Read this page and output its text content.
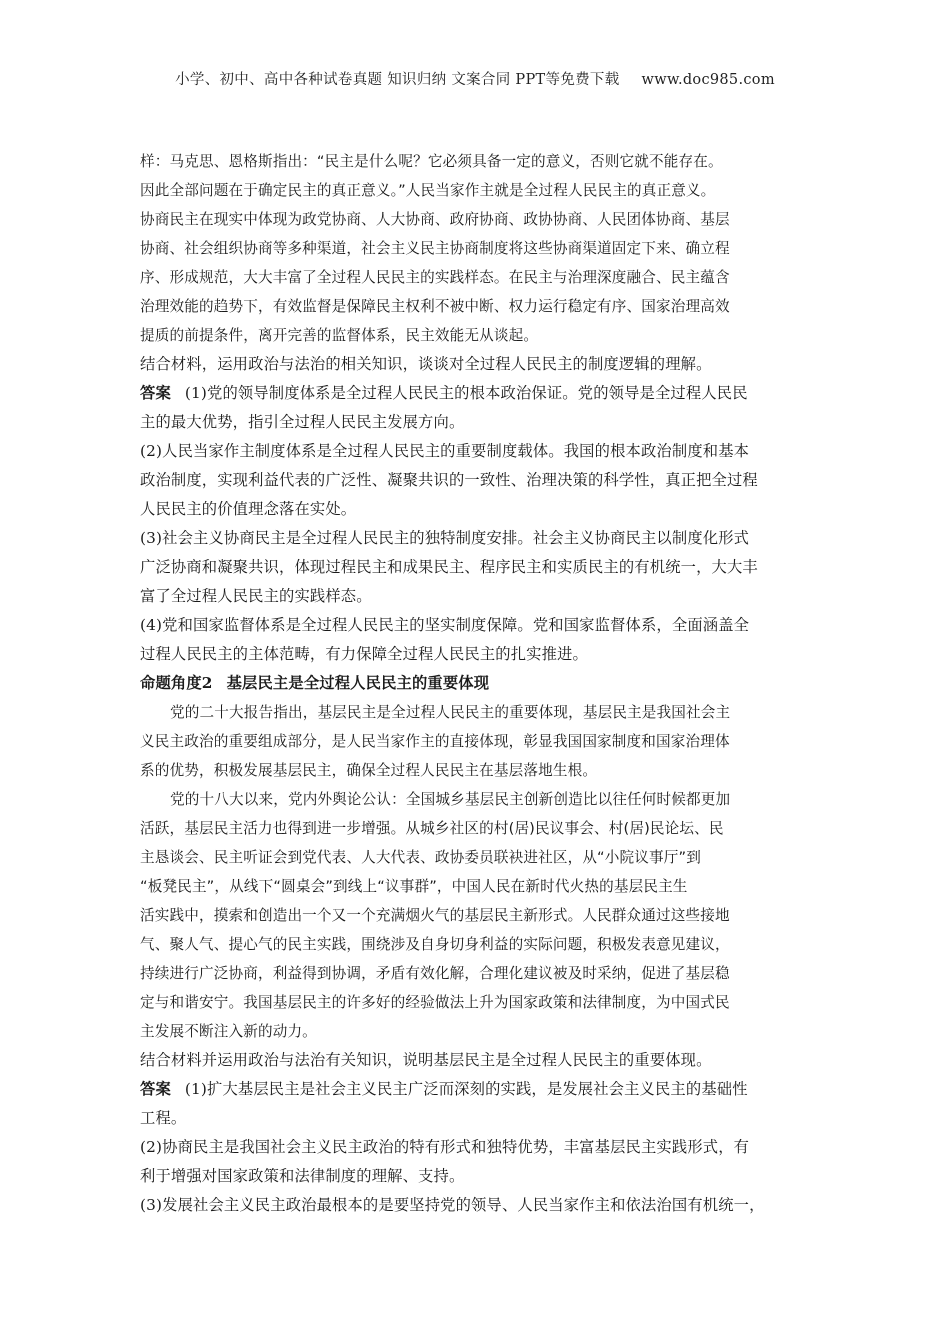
小学、初中、高中各种试卷真题 知识归纳 文案合同 PPT等免费下载 www.doc985.com
样：马克思、恩格斯指出：“民主是什么呢？它必须具备一定的意义，否则它就不能存在。
因此全部问题在于确定民主的真正意义。”人民当家作主就是全过程人民民主的真正意义。
协商民主在现实中体现为政党协商、人大协商、政府协商、政协协商、人民团体协商、基层
协商、社会组织协商等多种渠道，社会主义民主协商制度将这些协商渠道固定下来、确立程
序、形成规范，大大丰富了全过程人民民主的实践样态。在民主与治理深度融合、民主蕴含
治理效能的趋势下，有效监督是保障民主权利不被中断、权力运行稳定有序、国家治理高效
提质的前提条件，离开完善的监督体系，民主效能无从谈起。
结合材料，运用政治与法治的相关知识，谈谈对全过程人民民主的制度逻辑的理解。
答案 (1)党的领导制度体系是全过程人民民主的根本政治保证。党的领导是全过程人民民
主的最大优势，指引全过程人民民主发展方向。
(2)人民当家作主制度体系是全过程人民民主的重要制度载体。我国的根本政治制度和基本
政治制度，实现利益代表的广泛性、凝聚共识的一致性、治理决策的科学性，真正把全过程
人民民主的价值理念落在实处。
(3)社会主义协商民主是全过程人民民主的独特制度安排。社会主义协商民主以制度化形式
广泛协商和凝聚共识，体现过程民主和成果民主、程序民主和实质民主的有机统一，大大丰
富了全过程人民民主的实践样态。
(4)党和国家监督体系是全过程人民民主的坚实制度保障。党和国家监督体系，全面涵盖全
过程人民民主的主体范畴，有力保障全过程人民民主的扎实推进。
命题角度2 基层民主是全过程人民民主的重要体现
党的二十大报告指出，基层民主是全过程人民民主的重要体现，基层民主是我国社会主
义民主政治的重要组成部分，是人民当家作主的直接体现，彰显我国国家制度和国家治理体
系的优势，积极发展基层民主，确保全过程人民民主在基层落地生根。
党的十八大以来，党内外舆论公认：全国城乡基层民主创新创造比以往任何时候都更加
活跃，基层民主活力也得到进一步增强。从城乡社区的村(居)民议事会、村(居)民论坛、民
主恳谈会、民主听证会到党代表、人大代表、政协委员联袂进社区，从“小院议事厅”到
“板凳民主”，从线下“圆桌会”到线上“议事群”，中国人民在新时代火热的基层民主生
活实践中，摸索和创造出一个又一个充满烟火气的基层民主新形式。人民群众通过这些接地
气、聚人气、提心气的民主实践，围绕涉及自身切身利益的实际问题，积极发表意见建议，
持续进行广泛协商，利益得到协调，矛盾有效化解，合理化建议被及时采纳，促进了基层稳
定与和谐安宁。我国基层民主的许多好的经验做法上升为国家政策和法律制度，为中国式民
主发展不断注入新的动力。
结合材料并运用政治与法治有关知识，说明基层民主是全过程人民民主的重要体现。
答案 (1)扩大基层民主是社会主义民主广泛而深刻的实践，是发展社会主义民主的基础性
工程。
(2)协商民主是我国社会主义民主政治的特有形式和独特优势，丰富基层民主实践形式，有
利于增强对国家政策和法律制度的理解、支持。
(3)发展社会主义民主政治最根本的是要坚持党的领导、人民当家作主和依法治国有机统一，
